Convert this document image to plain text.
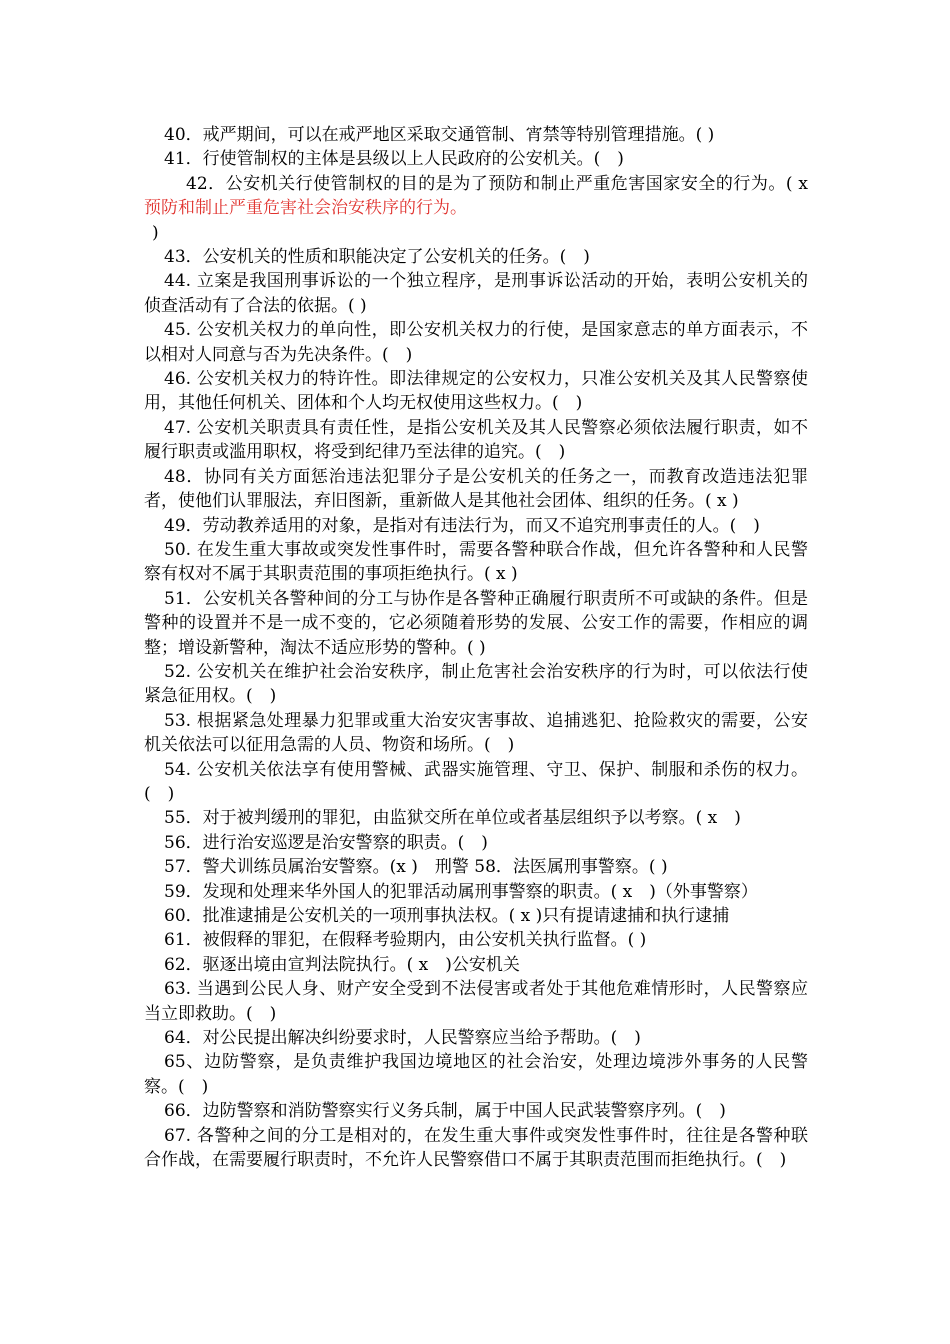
40．戒严期间，可以在戒严地区采取交通管制、宵禁等特别管理措施。( )

41．行使管制权的主体是县级以上人民政府的公安机关。(　)

42．公安机关行使管制权的目的是为了预防和制止严重危害国家安全的行为。( x 预防和制止严重危害社会治安秩序的行为。

)

43．公安机关的性质和职能决定了公安机关的任务。(　)

44. 立案是我国刑事诉讼的一个独立程序，是刑事诉讼活动的开始，表明公安机关的侦查活动有了合法的依据。( )

45. 公安机关权力的单向性，即公安机关权力的行使，是国家意志的单方面表示，不以相对人同意与否为先决条件。(　)

46. 公安机关权力的特许性。即法律规定的公安权力，只准公安机关及其人民警察使用，其他任何机关、团体和个人均无权使用这些权力。(　)

47. 公安机关职责具有责任性，是指公安机关及其人民警察必须依法履行职责，如不履行职责或滥用职权，将受到纪律乃至法律的追究。(　)

48．协同有关方面惩治违法犯罪分子是公安机关的任务之一，而教育改造违法犯罪者，使他们认罪服法，弃旧图新，重新做人是其他社会团体、组织的任务。( x )

49．劳动教养适用的对象，是指对有违法行为，而又不追究刑事责任的人。(　)

50. 在发生重大事故或突发性事件时，需要各警种联合作战，但允许各警种和人民警察有权对不属于其职责范围的事项拒绝执行。( x )

51．公安机关各警种间的分工与协作是各警种正确履行职责所不可或缺的条件。但是警种的设置并不是一成不变的，它必须随着形势的发展、公安工作的需要，作相应的调整；增设新警种，淘汰不适应形势的警种。( )

52. 公安机关在维护社会治安秩序，制止危害社会治安秩序的行为时，可以依法行使紧急征用权。(　)

53. 根据紧急处理暴力犯罪或重大治安灾害事故、追捕逃犯、抢险救灾的需要，公安机关依法可以征用急需的人员、物资和场所。(　)

54. 公安机关依法享有使用警械、武器实施管理、守卫、保护、制服和杀伤的权力。(　)

55．对于被判缓刑的罪犯，由监狱交所在单位或者基层组织予以考察。( x　)

56．进行治安巡逻是治安警察的职责。(　)

57．警犬训练员属治安警察。(x )　刑警 58．法医属刑事警察。( )

59．发现和处理来华外国人的犯罪活动属刑事警察的职责。( x　)（外事警察）

60．批准逮捕是公安机关的一项刑事执法权。( x )只有提请逮捕和执行逮捕

61．被假释的罪犯，在假释考验期内，由公安机关执行监督。( )

62．驱逐出境由宣判法院执行。( x　)公安机关

63. 当遇到公民人身、财产安全受到不法侵害或者处于其他危难情形时，人民警察应当立即救助。(　)

64．对公民提出解决纠纷要求时，人民警察应当给予帮助。(　)

65、边防警察，是负责维护我国边境地区的社会治安，处理边境涉外事务的人民警察。(　)

66．边防警察和消防警察实行义务兵制，属于中国人民武装警察序列。(　)

67. 各警种之间的分工是相对的，在发生重大事件或突发性事件时，往往是各警种联合作战，在需要履行职责时，不允许人民警察借口不属于其职责范围而拒绝执行。(　)
